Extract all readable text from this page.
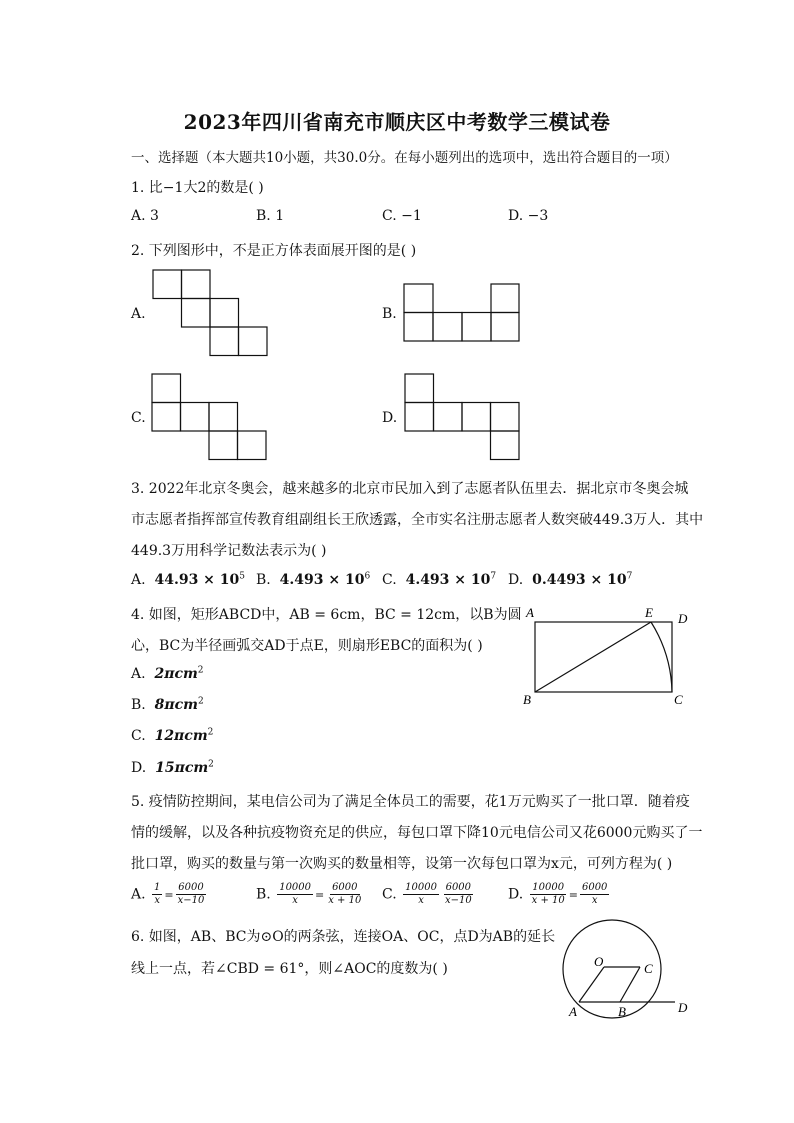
2023年四川省南充市顺庆区中考数学三模试卷
一、选择题（本大题共10小题，共30.0分。在每小题列出的选项中，选出符合题目的一项）
1. 比−1大2的数是( )
A. 3	B. 1	C. −1	D. −3
2. 下列图形中，不是正方体表面展开图的是( )
A.	B.
C.	D.
3. 2022年北京冬奥会，越来越多的北京市民加入到了志愿者队伍里去．据北京市冬奥会城
市志愿者指挥部宣传教育组副组长王欣透露，全市实名注册志愿者人数突破449.3万人．其中
449.3万用科学记数法表示为( )
A. $44.93 \times 10^5$ B. $4.493 \times 10^6$ C. $4.493 \times 10^7$ D. $0.4493 \times 10^7$
4. 如图，矩形ABCD中，AB = 6cm，BC = 12cm，以B为圆
心，BC为半径画弧交AD于点E，则扇形EBC的面积为( )
A. 2πcm$^2$
B. 8πcm$^2$
C. 12πcm$^2$
D. 15πcm$^2$
A	E D
B	C
5. 疫情防控期间，某电信公司为了满足全体员工的需要，花1万元购买了一批口罩．随着疫
情的缓解，以及各种抗疫物资充足的供应，每包口罩下降10元电信公司又花6000元购买了一
批口罩，购买的数量与第一次购买的数量相等，设第一次每包口罩为x元，可列方程为( )
A. $\frac{1}{x} = \frac{6000}{x-10}$	B. $\frac{10000}{x} = \frac{6000}{x + 10} C$. $\frac{10000}{x} \frac{6000}{x-10} D$. $\frac{10000}{x + 10} = \frac{6000}{x}$
6. 如图，AB、BC为⊙O的两条弦，连接OA、OC，点D为AB的延长
线上一点，若∠CBD = 61°，则∠AOC的度数为( )	O	C
A	B	D
